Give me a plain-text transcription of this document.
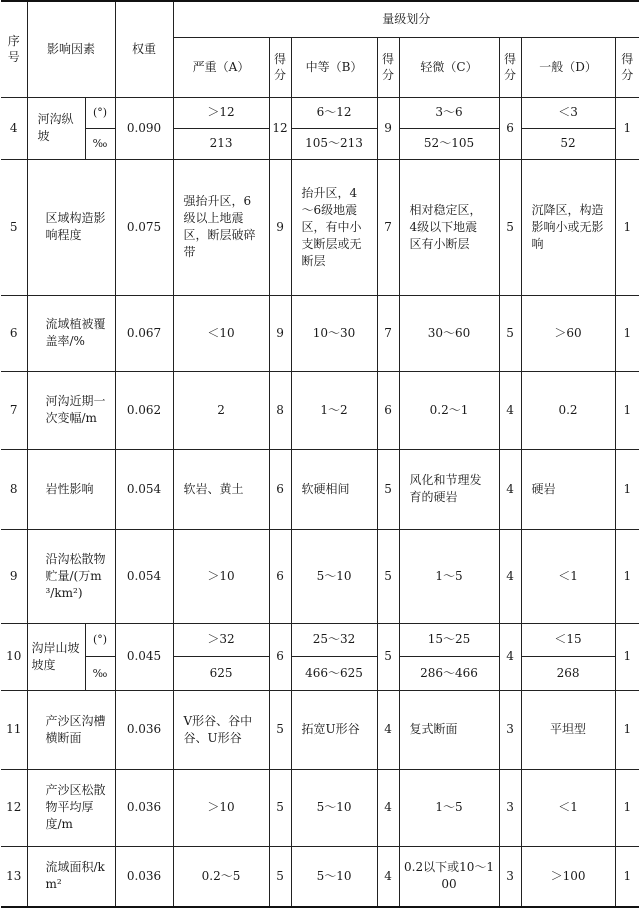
序号	影响因素		权重	量级划分							
				严重（A）	得分	中等（B）	得分	轻微（C）	得分	一般（D）	得分
4	河沟纵坡	(°)	0.090	＞12	12	6～12	9	3～6	6	＜3	1
		‰		213		105～213		52～105		52	
5	区域构造影响程度		0.075	强抬升区，6级以上地震区，断层破碎带	9	抬升区，4～6级地震区，有中小支断层或无断层	7	相对稳定区，4级以下地震区有小断层	5	沉降区，构造影响小或无影响	1
6	流域植被覆盖率/%		0.067	＜10	9	10～30	7	30～60	5	＞60	1
7	河沟近期一次变幅/m		0.062	2	8	1～2	6	0.2～1	4	0.2	1
8	岩性影响		0.054	软岩、黄土	6	软硬相间	5	风化和节理发育的硬岩	4	硬岩	1
9	沿沟松散物贮量/(万m³/km²)		0.054	＞10	6	5～10	5	1～5	4	＜1	1
10	沟岸山坡坡度	(°)	0.045	＞32	6	25～32	5	15～25	4	＜15	1
		‰		625		466～625		286～466		268	
11	产沙区沟槽横断面		0.036	V形谷、谷中谷、U形谷	5	拓宽U形谷	4	复式断面	3	平坦型	1
12	产沙区松散物平均厚度/m		0.036	＞10	5	5～10	4	1～5	3	＜1	1
13	流域面积/km²		0.036	0.2～5	5	5～10	4	0.2以下或10～100	3	＞100	1
